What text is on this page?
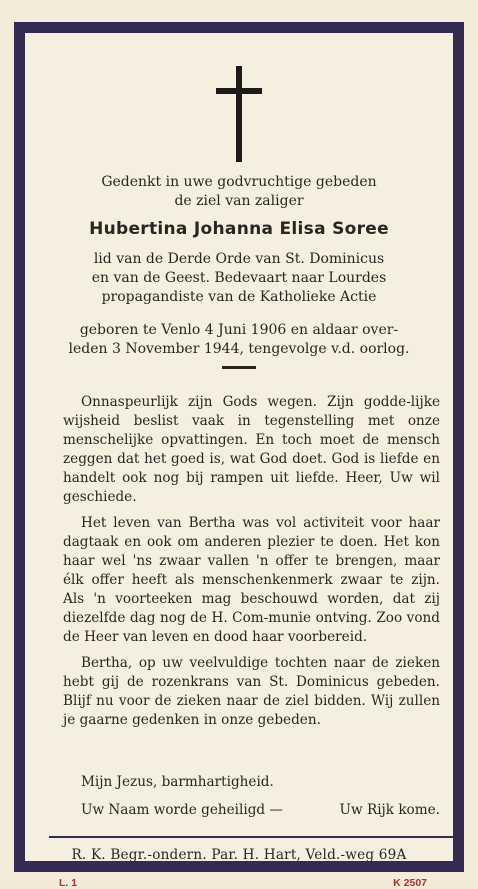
Gedenkt in uwe godvruchtige gebeden
de ziel van zaliger
Hubertina Johanna Elisa Soree
lid van de Derde Orde van St. Dominicus
en van de Geest. Bedevaart naar Lourdes
propagandiste van de Katholieke Actie
geboren te Venlo 4 Juni 1906 en aldaar over-
leden 3 November 1944, tengevolge v.d. oorlog.

Onnaspeurlijk zijn Gods wegen. Zijn godde-lijke wijsheid beslist vaak in tegenstelling met onze menschelijke opvattingen. En toch moet de mensch zeggen dat het goed is, wat God doet. God is liefde en handelt ook nog bij rampen uit liefde. Heer, Uw wil geschiede.

Het leven van Bertha was vol activiteit voor haar dagtaak en ook om anderen plezier te doen. Het kon haar wel 'ns zwaar vallen 'n offer te brengen, maar élk offer heeft als menschenkenmerk zwaar te zijn. Als 'n voorteeken mag beschouwd worden, dat zij diezelfde dag nog de H. Com-munie ontving. Zoo vond de Heer van leven en dood haar voorbereid.

Bertha, op uw veelvuldige tochten naar de zieken hebt gij de rozenkrans van St. Dominicus gebeden. Blijf nu voor de zieken naar de ziel bidden. Wij zullen je gaarne gedenken in onze gebeden.

Mijn Jezus, barmhartigheid.
Uw Naam worde geheiligd —	Uw Rijk kome.
R. K. Begr.-ondern. Par. H. Hart, Veld.-weg 69A
L. 1	K 2507
